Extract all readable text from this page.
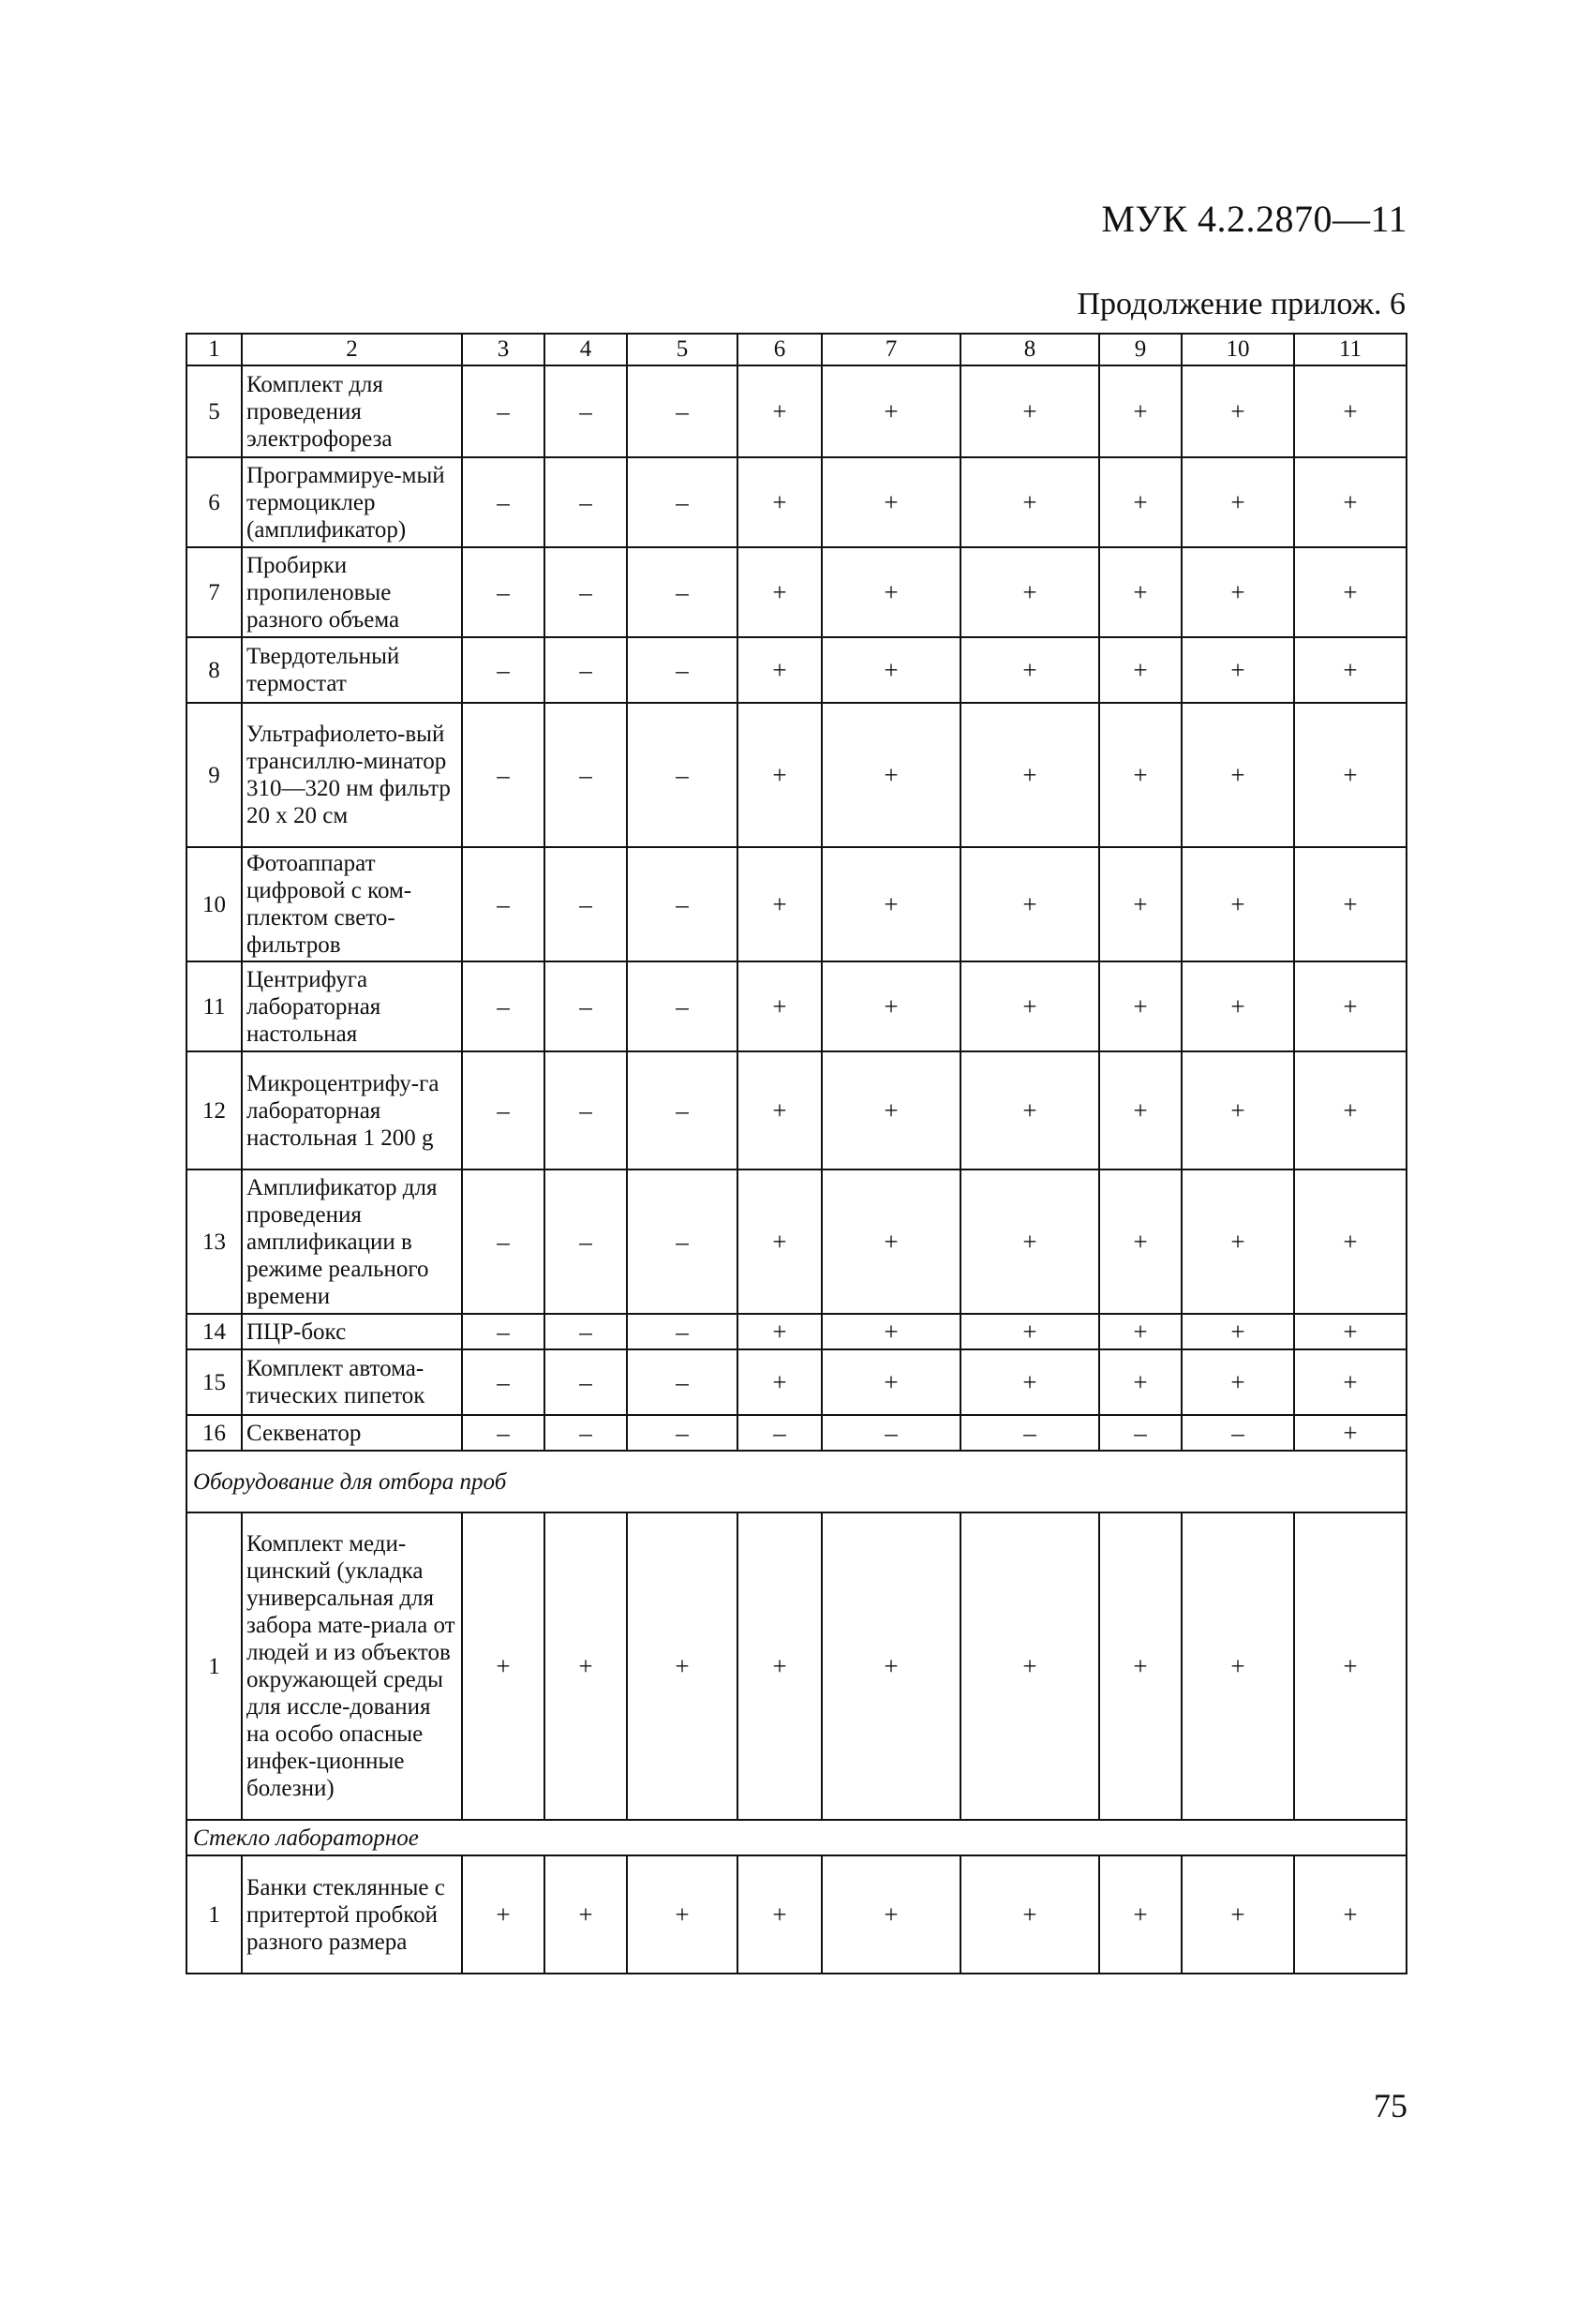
МУК 4.2.2870—11
Продолжение прилож. 6
1	2	3	4	5	6	7	8	9	10	11
5	Комплект для проведения электрофореза	–	–	–	+	+	+	+	+	+
6	Программируе-мый термоциклер (амплификатор)	–	–	–	+	+	+	+	+	+
7	Пробирки пропиленовые разного объема	–	–	–	+	+	+	+	+	+
8	Твердотельный термостат	–	–	–	+	+	+	+	+	+
9	Ультрафиолето-вый трансиллю-минатор 310—320 нм фильтр 20 х 20 см	–	–	–	+	+	+	+	+	+
10	Фотоаппарат цифровой с ком-плектом свето-фильтров	–	–	–	+	+	+	+	+	+
11	Центрифуга лабораторная настольная	–	–	–	+	+	+	+	+	+
12	Микроцентрифу-га лабораторная настольная 1 200 g	–	–	–	+	+	+	+	+	+
13	Амплификатор для проведения амплификации в режиме реального времени	–	–	–	+	+	+	+	+	+
14	ПЦР-бокс	–	–	–	+	+	+	+	+	+
15	Комплект автома-тических пипеток	–	–	–	+	+	+	+	+	+
16	Секвенатор	–	–	–	–	–	–	–	–	+
Оборудование для отбора проб										
1	Комплект меди-цинский (укладка универсальная для забора мате-риала от людей и из объектов окружающей среды для иссле-дования на особо опасные инфек-ционные болезни)	+	+	+	+	+	+	+	+	+
Стекло лабораторное										
1	Банки стеклянные с притертой пробкой разного размера	+	+	+	+	+	+	+	+	+
75
